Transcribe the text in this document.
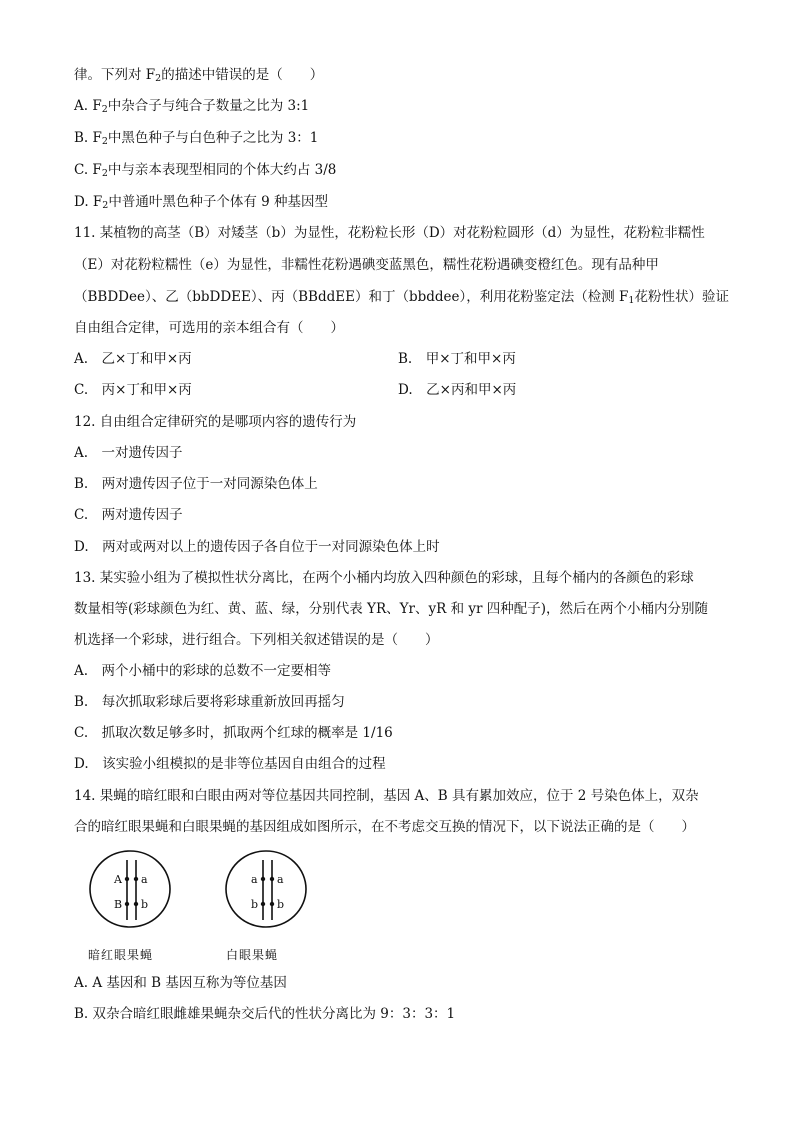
律。下列对 $F_2$的描述中错误的是（　　）
A. $F_2$中杂合子与纯合子数量之比为 3:1
B. $F_2$中黑色种子与白色种子之比为 3：1
C. $F_2$中与亲本表现型相同的个体大约占 3/8
D. $F_2$中普通叶黑色种子个体有 9 种基因型
11. 某植物的高茎（B）对矮茎（b）为显性，花粉粒长形（D）对花粉粒圆形（d）为显性，花粉粒非糯性
（E）对花粉粒糯性（e）为显性，非糯性花粉遇碘变蓝黑色，糯性花粉遇碘变橙红色。现有品种甲
（BBDDee）、乙（bbDDEE）、丙（BBddEE）和丁（bbddee），利用花粉鉴定法（检测 $F_1$花粉性状）验证
自由组合定律，可选用的亲本组合有（　　）
A.　乙×丁和甲×丙	B.　甲×丁和甲×丙
C.　丙×丁和甲×丙	D.　乙×丙和甲×丙
12. 自由组合定律研究的是哪项内容的遗传行为
A.　一对遗传因子
B.　两对遗传因子位于一对同源染色体上
C.　两对遗传因子
D.　两对或两对以上的遗传因子各自位于一对同源染色体上时
13. 某实验小组为了模拟性状分离比，在两个小桶内均放入四种颜色的彩球，且每个桶内的各颜色的彩球
数量相等(彩球颜色为红、黄、蓝、绿，分别代表 YR、Yr、yR 和 yr 四种配子)，然后在两个小桶内分别随
机选择一个彩球，进行组合。下列相关叙述错误的是（　　）
A.　两个小桶中的彩球的总数不一定要相等
B.　每次抓取彩球后要将彩球重新放回再摇匀
C.　抓取次数足够多时，抓取两个红球的概率是 1/16
D.　该实验小组模拟的是非等位基因自由组合的过程
14. 果蝇的暗红眼和白眼由两对等位基因共同控制，基因 A、B 具有累加效应，位于 2 号染色体上，双杂
合的暗红眼果蝇和白眼果蝇的基因组成如图所示，在不考虑交互换的情况下，以下说法正确的是（　　）
A
B
a
b
a
b
a
b
暗红眼果蝇	白眼果蝇
A. A 基因和 B 基因互称为等位基因
B. 双杂合暗红眼雌雄果蝇杂交后代的性状分离比为 9：3：3：1
